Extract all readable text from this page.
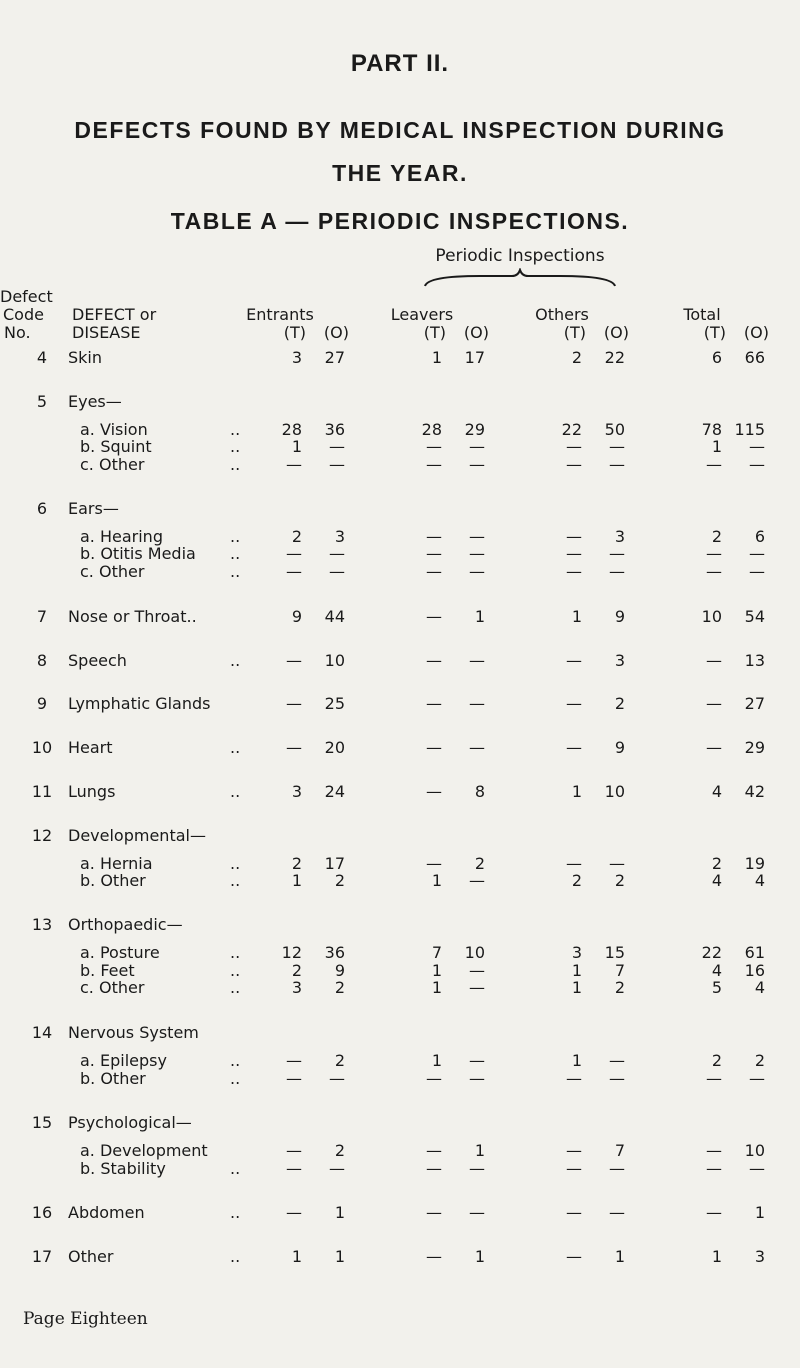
PART II.
DEFECTS FOUND BY MEDICAL INSPECTION DURING
THE YEAR.
TABLE A — PERIODIC INSPECTIONS.
Periodic Inspections
Defect
Code
No.
DEFECT or
DISEASE
Entrants	Leavers	Others	Total
(T)	(O)	(T)	(O)	(T)	(O)	(T)	(O)
4	Skin	3	27	1	17	2	22	6	66
5	Eyes—
a. Vision	..	28	36	28	29	22	50	78 115
b. Squint	..	1	—	—	—	—	—	1	—
c. Other	..	—	—	—	—	—	—	—	—
6	Ears—
a. Hearing	..	2	3	—	—	—	3	2	6
b. Otitis Media ..	—	—	—	—	—	—	—	—
c. Other	..	—	—	—	—	—	—	—	—
7	Nose or Throat..	9	44	—	1	1	9	10	54
8	Speech	..	—	10	—	—	—	3	—	13
9	Lymphatic Glands	—	25	—	—	—	2	—	27
10 Heart	..	—	20	—	—	—	9	—	29
11 Lungs	..	3	24	—	8	1	10	4	42
12 Developmental—
a. Hernia	..	2	17	—	2	—	—	2	19
b. Other	..	1	2	1	—	2	2	4	4
13 Orthopaedic—
a. Posture	..	12	36	7	10	3	15	22	61
b. Feet	..	2	9	1	—	1	7	4	16
c. Other	..	3	2	1	—	1	2	5	4
14 Nervous System
a. Epilepsy	..	—	2	1	—	1	—	2	2
b. Other	..	—	—	—	—	—	—	—	—
15 Psychological—
a. Development	—	2	—	1	—	7	—	10
b. Stability	..	—	—	—	—	—	—	—	—
16 Abdomen	..	—	1	—	—	—	—	—	1
17 Other	..	1	1	—	1	—	1	1	3
Page Eighteen
